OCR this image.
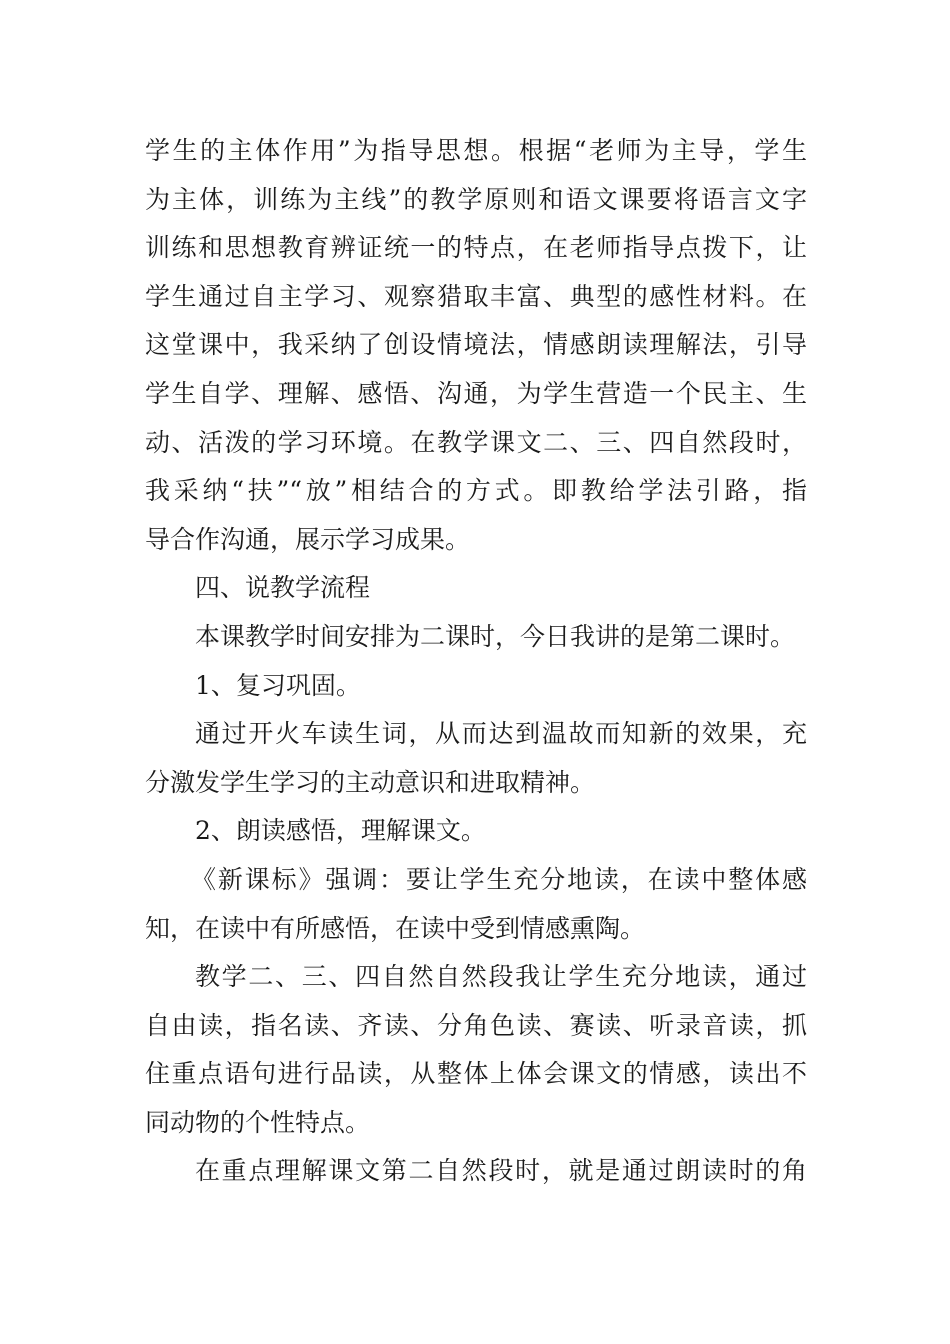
学生的主体作用”为指导思想。根据“老师为主导，学生
为主体，训练为主线”的教学原则和语文课要将语言文字
训练和思想教育辨证统一的特点，在老师指导点拨下，让
学生通过自主学习、观察猎取丰富、典型的感性材料。在
这堂课中，我采纳了创设情境法，情感朗读理解法，引导
学生自学、理解、感悟、沟通，为学生营造一个民主、生
动、活泼的学习环境。在教学课文二、三、四自然段时，
我采纳“扶”“放”相结合的方式。即教给学法引路，指
导合作沟通，展示学习成果。
四、说教学流程
本课教学时间安排为二课时，今日我讲的是第二课时。
1、复习巩固。
通过开火车读生词，从而达到温故而知新的效果，充
分激发学生学习的主动意识和进取精神。
2、朗读感悟，理解课文。
《新课标》强调：要让学生充分地读，在读中整体感
知，在读中有所感悟，在读中受到情感熏陶。
教学二、三、四自然自然段我让学生充分地读，通过
自由读，指名读、齐读、分角色读、赛读、听录音读，抓
住重点语句进行品读，从整体上体会课文的情感，读出不
同动物的个性特点。
在重点理解课文第二自然段时，就是通过朗读时的角
